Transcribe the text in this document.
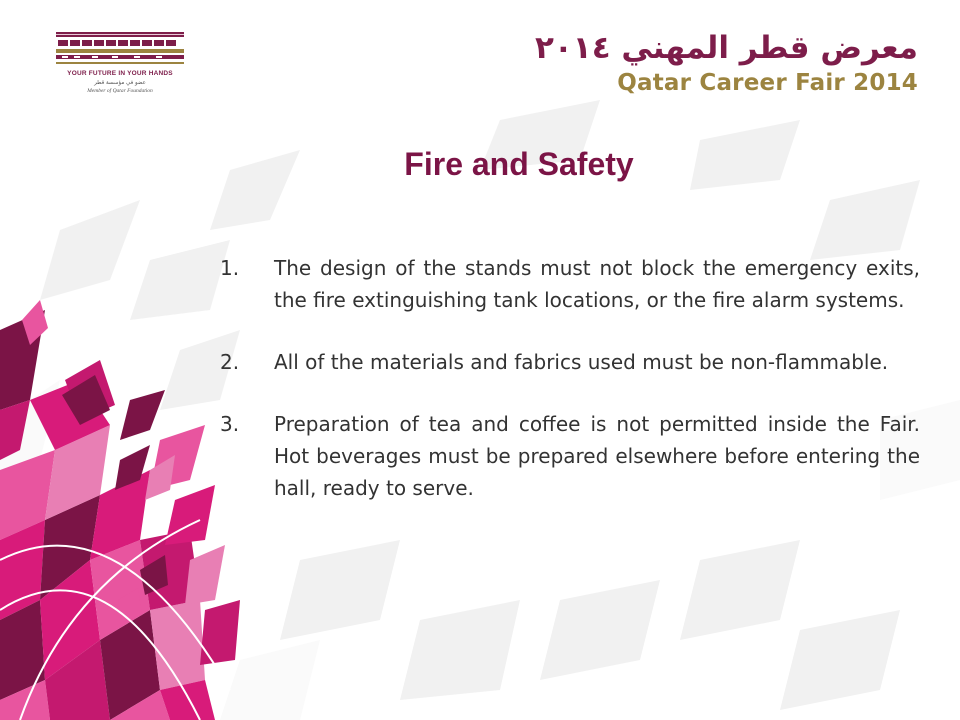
YOUR FUTURE IN YOUR HANDS
عضو في مؤسسة قطر
Member of Qatar Foundation
معرض قطر المهني ٢٠١٤
Qatar Career Fair 2014
Fire and Safety
1.	The design of the stands must not block the emergency exits, the fire extinguishing tank locations, or the fire alarm systems.
2.	All of the materials and fabrics used must be non-flammable.
3.	Preparation of tea and coffee is not permitted inside the Fair. Hot beverages must be prepared elsewhere before entering the hall, ready to serve.
